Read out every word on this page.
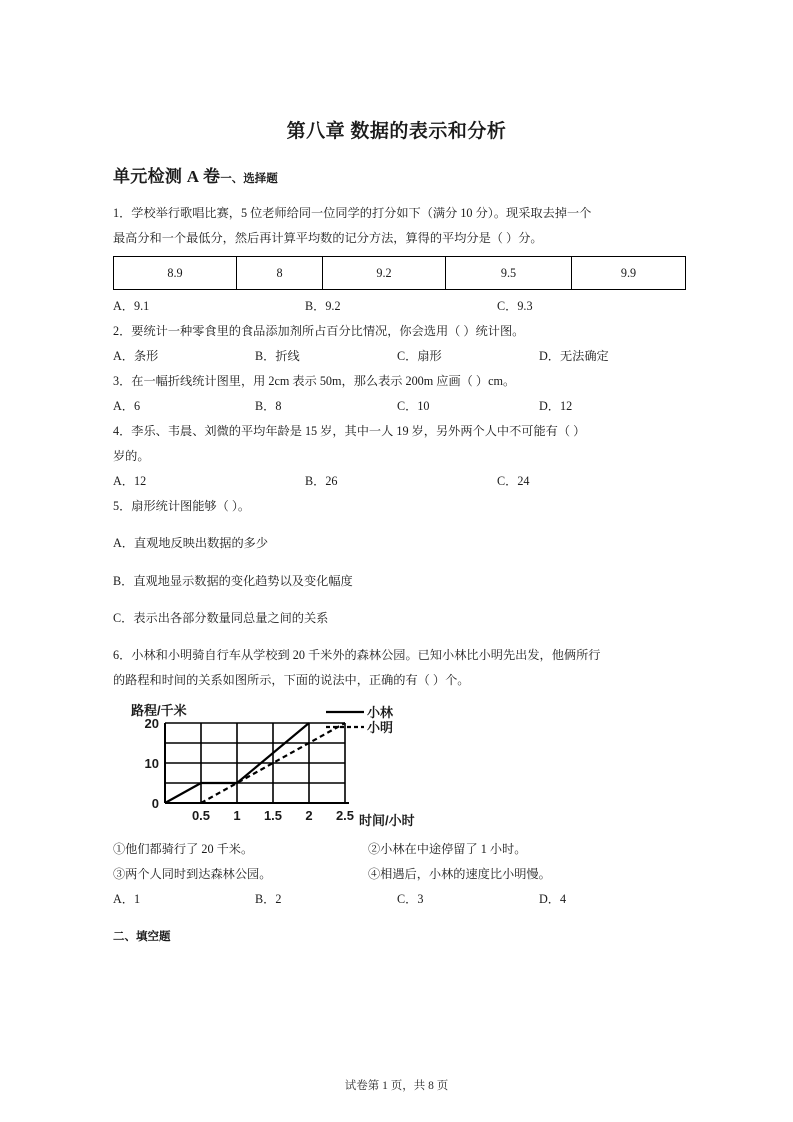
第八章 数据的表示和分析
单元检测 A 卷一、选择题

1．学校举行歌唱比赛，5 位老师给同一位同学的打分如下（满分 10 分）。现采取去掉一个

最高分和一个最低分，然后再计算平均数的记分方法，算得的平均分是（ ）分。

8.9	8	9.2	9.5	9.9
A．9.1	B．9.2	C．9.3

2．要统计一种零食里的食品添加剂所占百分比情况，你会选用（ ）统计图。

A．条形	B．折线	C．扇形	D．无法确定

3．在一幅折线统计图里，用 2cm 表示 50m，那么表示 200m 应画（ ）cm。

A．6	B．8	C．10	D．12

4．李乐、韦晨、刘微的平均年龄是 15 岁，其中一人 19 岁，另外两个人中不可能有（ ）

岁的。

A．12	B．26	C．24

5．扇形统计图能够（ ）。

A．直观地反映出数据的多少

B．直观地显示数据的变化趋势以及变化幅度

C．表示出各部分数量同总量之间的关系

6．小林和小明骑自行车从学校到 20 千米外的森林公园。已知小林比小明先出发，他俩所行

的路程和时间的关系如图所示，下面的说法中，正确的有（ ）个。

路程/千米	小林
小明
0
10
20
0.5 1 1.5 2 2.5 时间/小时
①他们都骑行了 20 千米。	②小林在中途停留了 1 小时。
③两个人同时到达森林公园。	④相遇后，小林的速度比小明慢。
A．1	B．2	C．3	D．4
二、填空题
试卷第 1 页，共 8 页
